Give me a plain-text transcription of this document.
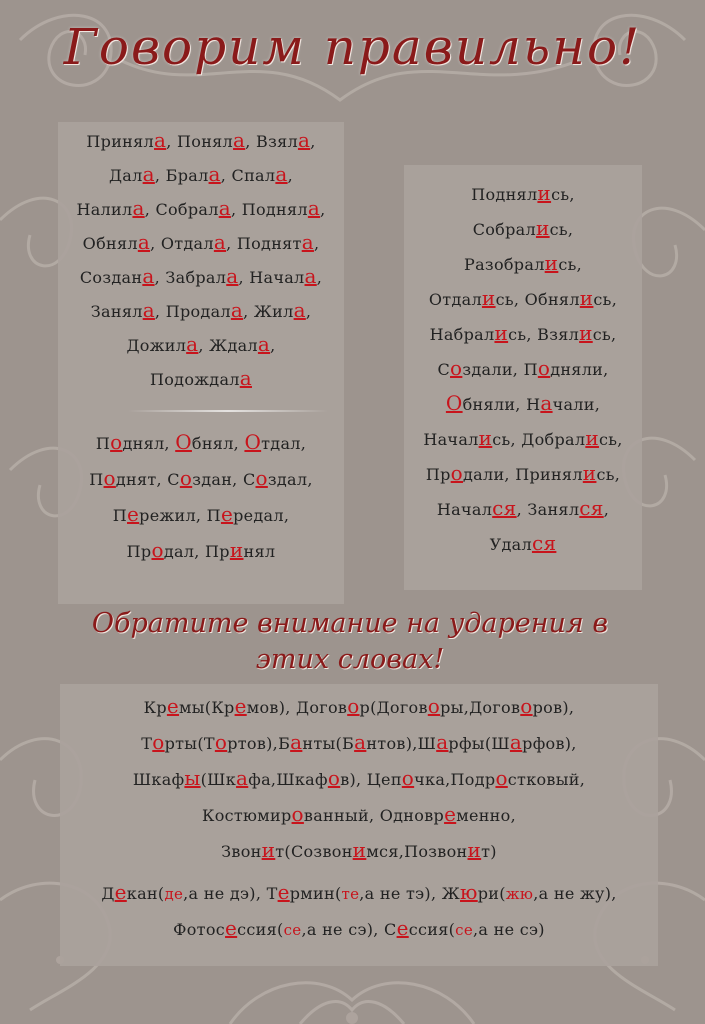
Говорим правильно!
Приняла, Поняла, Взяла,
Дала, Брала, Спала,
Налила, Собрала, Подняла,
Обняла, Отдала, Поднята,
Создана, Забрала, Начала,
Заняла, Продала, Жила,
Дожила, Ждала,
Подождала
Поднял, Обнял, Отдал,
Поднят, Создан, Создал,
Пережил, Передал,
Продал, Принял
Поднялись,
Собрались,
Разобрались,
Отдались, Обнялись,
Набрались, Взялись,
Создали, Подняли,
Обняли, Начали,
Начались, Добрались,
Продали, Принялись,
Начался, Занялся,
Удался
Обратите внимание на ударения в
этих словах!
Кремы(Кремов), Договор(Договоры,Договоров),
Торты(Тортов),Банты(Бантов),Шарфы(Шарфов),
Шкафы(Шкафа,Шкафов), Цепочка,Подростковый,
Костюмированный, Одновременно,
Звонит(Созвонимся,Позвонит)
Декан(де,а не дэ), Термин(те,а не тэ), Жюри(жю,а не жу),
Фотосессия(се,а не сэ), Сессия(се,а не сэ)
